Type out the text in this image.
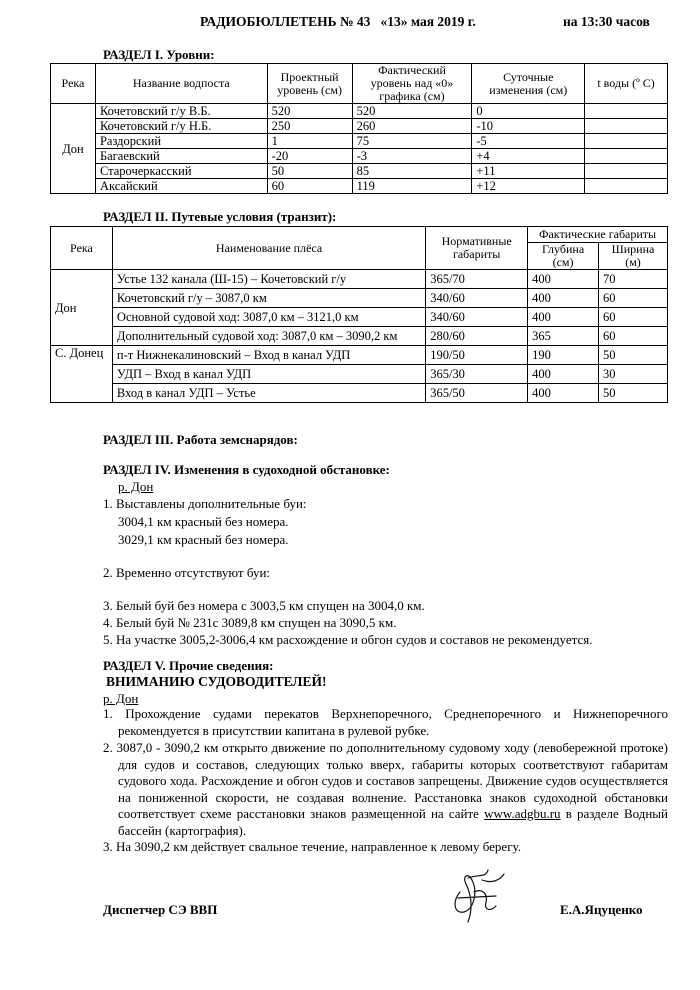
РАДИОБЮЛЛЕТЕНЬ № 43 «13» мая 2019 г.	на 13:30 часов
РАЗДЕЛ I. Уровни:
Река	Название водпоста	Проектный уровень (см)	Фактический уровень над «0» графика (см)	Суточные изменения (см)	t воды (º С)
Дон	Кочетовский г/у В.Б.	520	520	0	
	Кочетовский г/у Н.Б.	250	260	-10	
	Раздорский	1	75	-5	
	Багаевский	-20	-3	+4	
	Старочеркасский	50	85	+11	
	Аксайский	60	119	+12	
РАЗДЕЛ II. Путевые условия (транзит):
Река	Наименование плёса	Нормативные габариты	Фактические габариты	
			Глубина (см)	Ширина (м)
Дон	Устье 132 канала (Ш-15) – Кочетовский г/у	365/70	400	70
	Кочетовский г/у – 3087,0 км	340/60	400	60
	Основной судовой ход: 3087,0 км – 3121,0 км	340/60	400	60
	Дополнительный судовой ход: 3087,0 км – 3090,2 км	280/60	365	60
С. Донец	п-т Нижнекалиновский – Вход в канал УДП	190/50	190	50
	УДП – Вход в канал УДП	365/30	400	30
	Вход в канал УДП – Устье	365/50	400	50
РАЗДЕЛ III. Работа земснарядов:
РАЗДЕЛ IV. Изменения в судоходной обстановке:
р. Дон
1. Выставлены дополнительные буи:
3004,1 км красный без номера.
3029,1 км красный без номера.
2. Временно отсутствуют буи:
3. Белый буй без номера с 3003,5 км спущен на 3004,0 км.
4. Белый буй № 231с 3089,8 км спущен на 3090,5 км.
5. На участке 3005,2-3006,4 км расхождение и обгон судов и составов не рекомендуется.
РАЗДЕЛ V. Прочие сведения:
ВНИМАНИЮ СУДОВОДИТЕЛЕЙ!
р. Дон
1. Прохождение судами перекатов Верхнепоречного, Среднепоречного и Нижнепоречного рекомендуется в присутствии капитана в рулевой рубке.
2. 3087,0 - 3090,2 км открыто движение по дополнительному судовому ходу (левобережной протоке) для судов и составов, следующих только вверх, габариты которых соответствуют габаритам судового хода. Расхождение и обгон судов и составов запрещены. Движение судов осуществляется на пониженной скорости, не создавая волнение. Расстановка знаков судоходной обстановки соответствует схеме расстановки знаков размещенной на сайте www.adgbu.ru в разделе Водный бассейн (картография).
3. На 3090,2 км действует свальное течение, направленное к левому берегу.
Диспетчер СЭ ВВП	Е.А.Яцуценко
